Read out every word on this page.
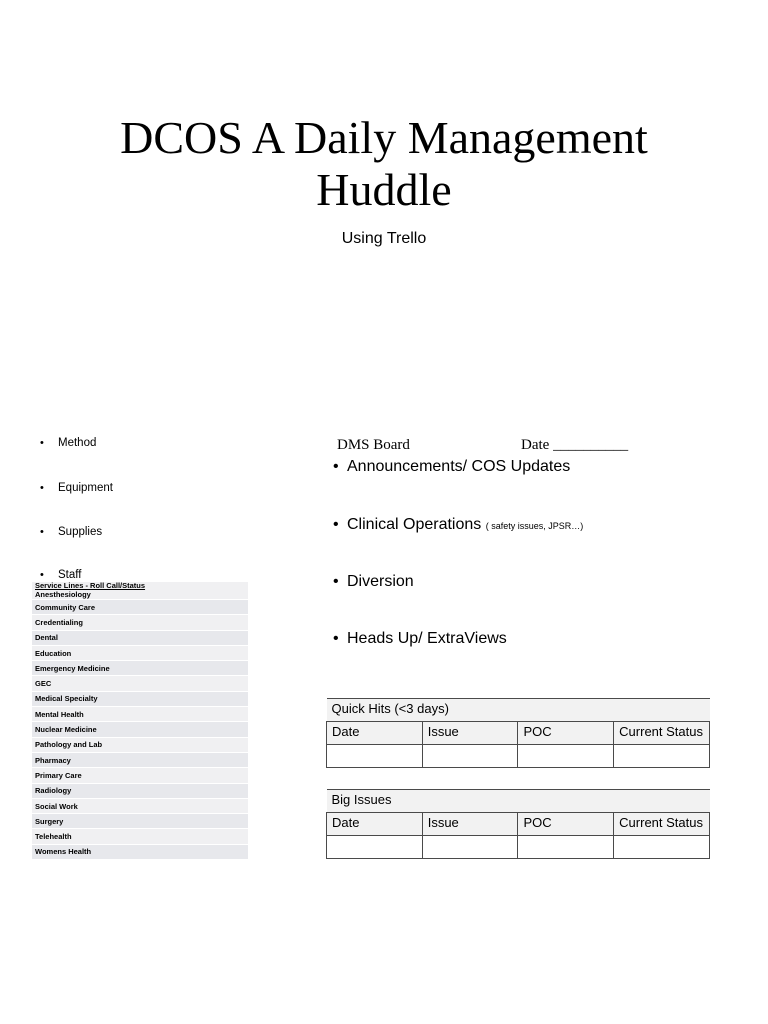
DCOS A Daily Management
Huddle
Using Trello
• Method
• Equipment
• Supplies
• Staff
Service Lines - Roll Call/Status
Anesthesiology
Community Care
Credentialing
Dental
Education
Emergency Medicine
GEC
Medical Specialty
Mental Health
Nuclear Medicine
Pathology and Lab
Pharmacy
Primary Care
Radiology
Social Work
Surgery
Telehealth
Womens Health
DMS Board	Date __________
• Announcements/ COS Updates
• Clinical Operations ( safety issues, JPSR…)
• Diversion
• Heads Up/ ExtraViews
Quick Hits (<3 days)			
Date	Issue	POC	Current Status

Big Issues			
Date	Issue	POC	Current Status
